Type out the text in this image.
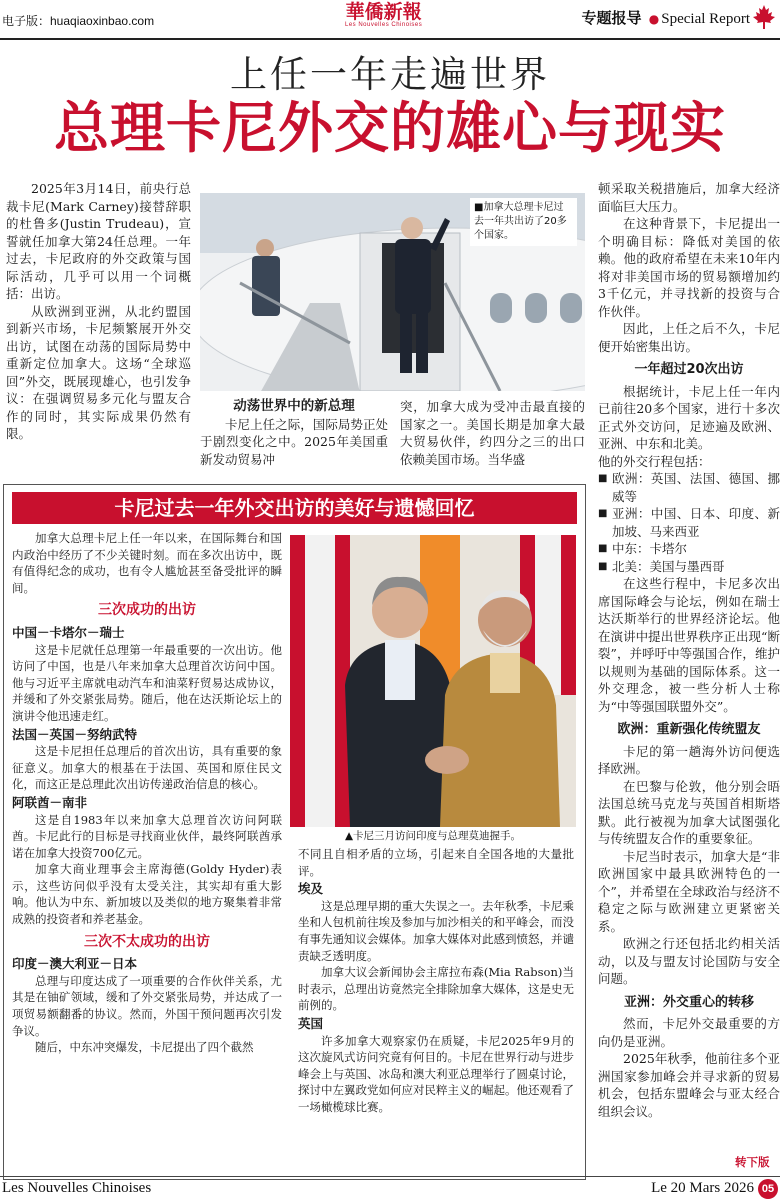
电子版：huaqiaoxinbao.com	華僑新報
Les Nouvelles Chinoises	专题报导 ● Special Report
上任一年走遍世界
总理卡尼外交的雄心与现实

2025年3月14日，前央行总裁卡尼(Mark Carney)接替辞职的杜鲁多(Justin Trudeau)，宣誓就任加拿大第24任总理。一年过去，卡尼政府的外交政策与国际活动，几乎可以用一个词概括：出访。

从欧洲到亚洲，从北约盟国到新兴市场，卡尼频繁展开外交出访，试图在动荡的国际局势中重新定位加拿大。这场“全球巡回”外交，既展现雄心，也引发争议：在强调贸易多元化与盟友合作的同时，其实际成果仍然有限。

■加拿大总理卡尼过去一年共出访了20多个国家。
动荡世界中的新总理

卡尼上任之际，国际局势正处于剧烈变化之中。2025年美国重新发动贸易冲

突，加拿大成为受冲击最直接的国家之一。美国长期是加拿大最大贸易伙伴，约四分之三的出口依赖美国市场。当华盛

顿采取关税措施后，加拿大经济面临巨大压力。

在这种背景下，卡尼提出一个明确目标：降低对美国的依赖。他的政府希望在未来10年内将对非美国市场的贸易额增加约3千亿元，并寻找新的投资与合作伙伴。

因此，上任之后不久，卡尼便开始密集出访。

一年超过20次出访

根据统计，卡尼上任一年内已前往20多个国家，进行十多次正式外交访问，足迹遍及欧洲、亚洲、中东和北美。

他的外交行程包括：

■ 欧洲：英国、法国、德国、挪威等
■ 亚洲：中国、日本、印度、新加坡、马来西亚
■ 中东：卡塔尔
■ 北美：美国与墨西哥

在这些行程中，卡尼多次出席国际峰会与论坛，例如在瑞士达沃斯举行的世界经济论坛。他在演讲中提出世界秩序正出现“断裂”，并呼吁中等强国合作，维护以规则为基础的国际体系。这一外交理念，被一些分析人士称为“中等强国联盟外交”。

欧洲：重新强化传统盟友

卡尼的第一趟海外访问便选择欧洲。

在巴黎与伦敦，他分别会晤法国总统马克龙与英国首相斯塔默。此行被视为加拿大试图强化与传统盟友合作的重要象征。

卡尼当时表示，加拿大是“非欧洲国家中最具欧洲特色的一个”，并希望在全球政治与经济不稳定之际与欧洲建立更紧密关系。

欧洲之行还包括北约相关活动，以及与盟友讨论国防与安全问题。

亚洲：外交重心的转移

然而，卡尼外交最重要的方向仍是亚洲。

2025年秋季，他前往多个亚洲国家参加峰会并寻求新的贸易机会，包括东盟峰会与亚太经合组织会议。

转下版
卡尼过去一年外交出访的美好与遗憾回忆

加拿大总理卡尼上任一年以来，在国际舞台和国内政治中经历了不少关键时刻。而在多次出访中，既有值得纪念的成功，也有令人尴尬甚至备受批评的瞬间。

三次成功的出访
中国－卡塔尔－瑞士

这是卡尼就任总理第一年最重要的一次出访。他访问了中国，也是八年来加拿大总理首次访问中国。他与习近平主席就电动汽车和油菜籽贸易达成协议，并缓和了外交紧张局势。随后，他在达沃斯论坛上的演讲令他迅速走红。

法国－英国－努纳武特

这是卡尼担任总理后的首次出访，具有重要的象征意义。加拿大的根基在于法国、英国和原住民文化，而这正是总理此次出访传递政治信息的核心。

阿联酋－南非

这是自1983年以来加拿大总理首次访问阿联酋。卡尼此行的目标是寻找商业伙伴，最终阿联酋承诺在加拿大投资700亿元。

加拿大商业理事会主席海德(Goldy Hyder)表示，这些访问似乎没有太受关注，其实却有重大影响。他认为中东、新加坡以及类似的地方聚集着非常成熟的投资者和养老基金。

三次不太成功的出访
印度－澳大利亚－日本

总理与印度达成了一项重要的合作伙伴关系，尤其是在铀矿领域，缓和了外交紧张局势，并达成了一项贸易额翻番的协议。然而，外国干预问题再次引发争议。

随后，中东冲突爆发，卡尼提出了四个截然

▲卡尼三月访问印度与总理莫迪握手。

不同且自相矛盾的立场，引起来自全国各地的大量批评。

埃及

这是总理早期的重大失误之一。去年秋季，卡尼乘坐和人包机前往埃及参加与加沙相关的和平峰会，而没有事先通知议会媒体。加拿大媒体对此感到愤怒，并谴责缺乏透明度。

加拿大议会新闻协会主席拉布森(Mia Rabson)当时表示，总理出访竟然完全排除加拿大媒体，这是史无前例的。

英国

许多加拿大观察家仍在质疑，卡尼2025年9月的这次旋风式访问究竟有何目的。卡尼在世界行动与进步峰会上与英国、冰岛和澳大利亚总理举行了圆桌讨论，探讨中左翼政党如何应对民粹主义的崛起。他还观看了一场橄榄球比赛。

Les Nouvelles Chinoises	Le 20 Mars 2026 05
